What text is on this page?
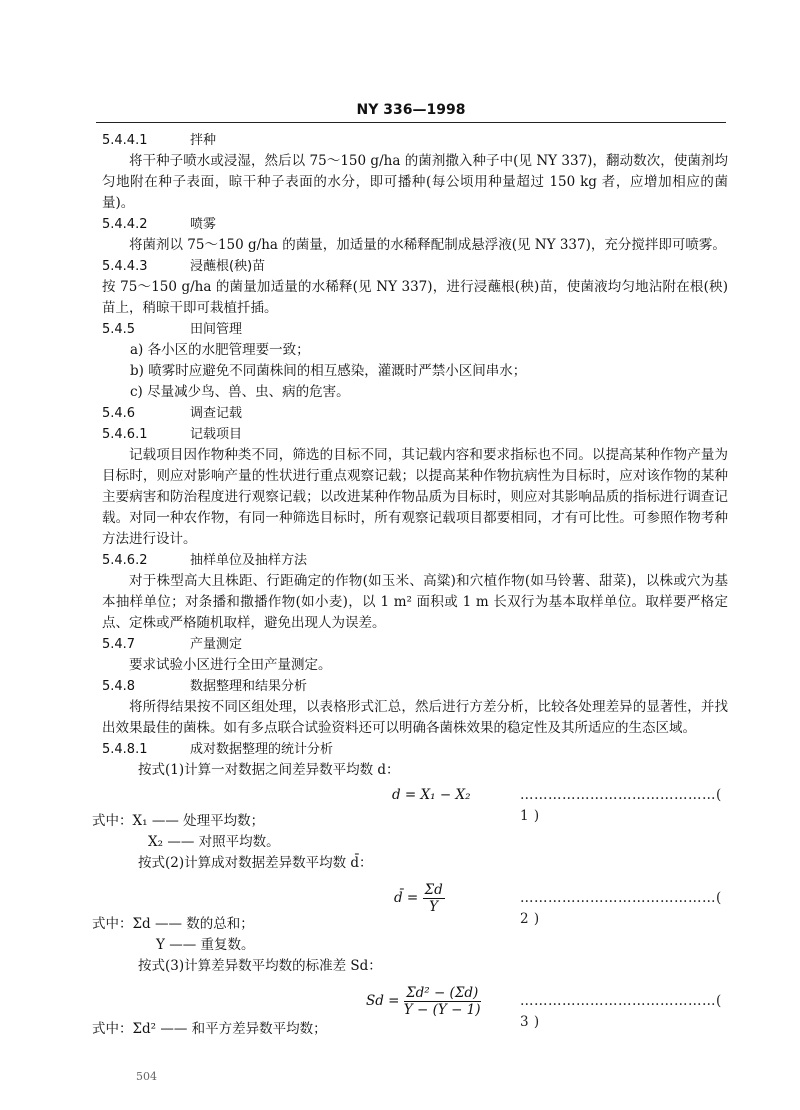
NY 336—1998
5.4.4.1	拌种
将干种子喷水或浸湿，然后以 75～150 g/ha 的菌剂撒入种子中(见 NY 337)，翻动数次，使菌剂均匀地附在种子表面，晾干种子表面的水分，即可播种(每公顷用种量超过 150 kg 者，应增加相应的菌量)。
5.4.4.2	喷雾
将菌剂以 75～150 g/ha 的菌量，加适量的水稀释配制成悬浮液(见 NY 337)，充分搅拌即可喷雾。
5.4.4.3	浸蘸根(秧)苗
按 75～150 g/ha 的菌量加适量的水稀释(见 NY 337)，进行浸蘸根(秧)苗，使菌液均匀地沾附在根(秧)苗上，稍晾干即可栽植扦插。
5.4.5	田间管理
a) 各小区的水肥管理要一致；
b) 喷雾时应避免不同菌株间的相互感染，灌溉时严禁小区间串水；
c) 尽量减少鸟、兽、虫、病的危害。
5.4.6	调查记载
5.4.6.1	记载项目
记载项目因作物种类不同，筛选的目标不同，其记载内容和要求指标也不同。以提高某种作物产量为目标时，则应对影响产量的性状进行重点观察记载；以提高某种作物抗病性为目标时，应对该作物的某种主要病害和防治程度进行观察记载；以改进某种作物品质为目标时，则应对其影响品质的指标进行调查记载。对同一种农作物，有同一种筛选目标时，所有观察记载项目都要相同，才有可比性。可参照作物考种方法进行设计。
5.4.6.2	抽样单位及抽样方法
对于株型高大且株距、行距确定的作物(如玉米、高粱)和穴植作物(如马铃薯、甜菜)，以株或穴为基本抽样单位；对条播和撒播作物(如小麦)，以 1 m² 面积或 1 m 长双行为基本取样单位。取样要严格定点、定株或严格随机取样，避免出现人为误差。
5.4.7	产量测定
要求试验小区进行全田产量测定。
5.4.8	数据整理和结果分析
将所得结果按不同区组处理，以表格形式汇总，然后进行方差分析，比较各处理差异的显著性，并找出效果最佳的菌株。如有多点联合试验资料还可以明确各菌株效果的稳定性及其所适应的生态区域。
5.4.8.1	成对数据整理的统计分析
按式(1)计算一对数据之间差异数平均数 d：
d = X₁ − X₂	……………………………………( 1 )
式中：X₁ —— 处理平均数；
X₂ —— 对照平均数。
按式(2)计算成对数据差异数平均数 d̄：
d̄ = $\frac{\Sigma d}{Y}$	……………………………………( 2 )
式中：Σd —— 数的总和；
Y —— 重复数。
按式(3)计算差异数平均数的标准差 Sd：
$Sd = \frac{\text{Σd² − (Σd)}}{Y - (Y - 1)}$	……………………………………( 3 )
式中：Σd² —— 和平方差异数平均数；
504
